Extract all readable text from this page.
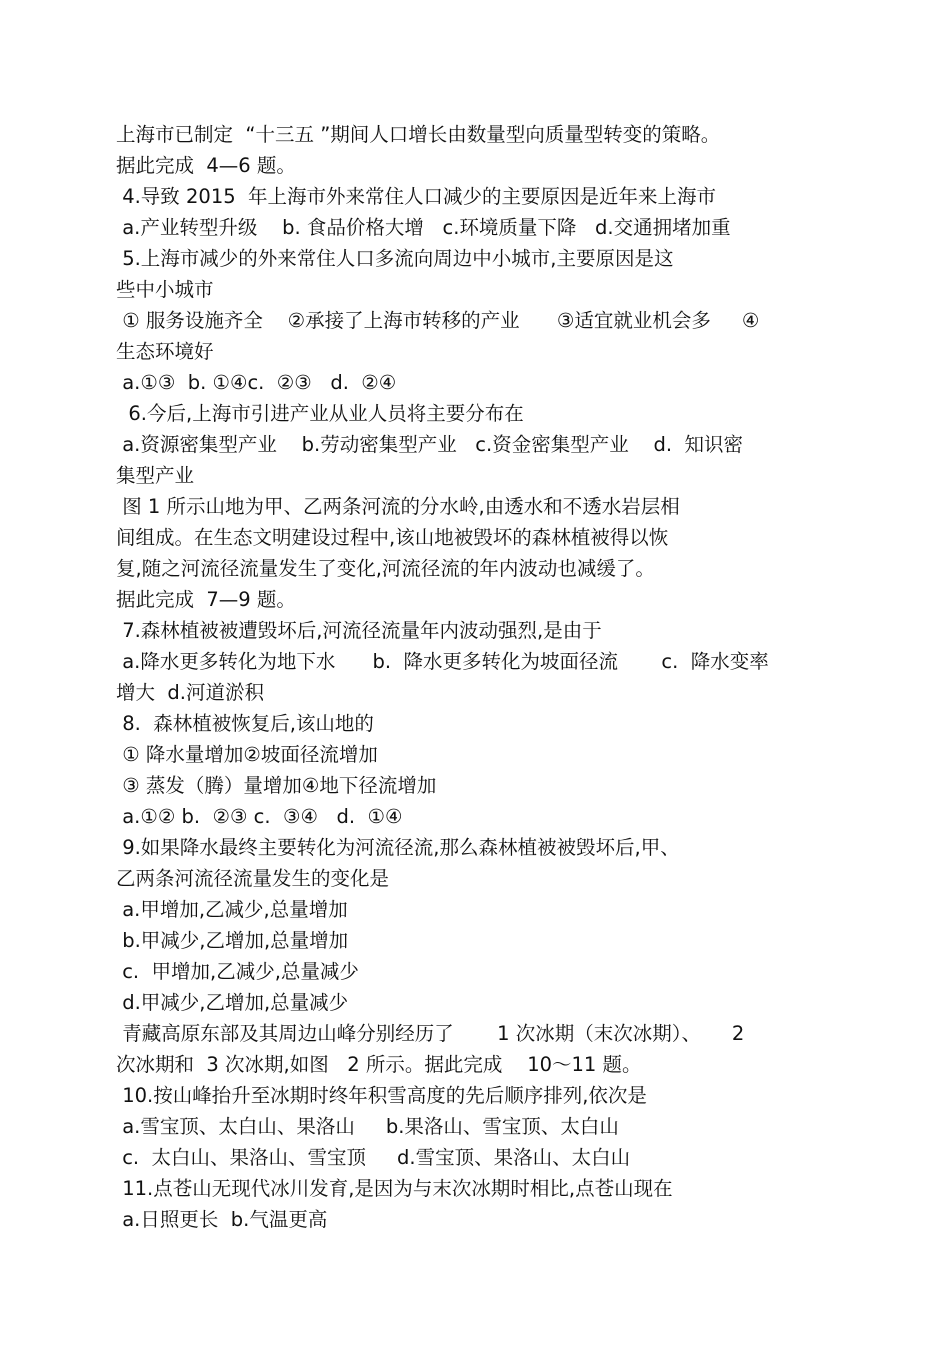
上海市已制定  “十三五 ”期间人口增长由数量型向质量型转变的策略。
据此完成  4—6 题。
4.导致 2015  年上海市外来常住人口减少的主要原因是近年来上海市
a.产业转型升级    b. 食品价格大增   c.环境质量下降   d.交通拥堵加重
5.上海市减少的外来常住人口多流向周边中小城市,主要原因是这
些中小城市
① 服务设施齐全    ②承接了上海市转移的产业      ③适宜就业机会多     ④
生态环境好
a.①③  b. ①④c.  ②③   d.  ②④
6.今后,上海市引进产业从业人员将主要分布在
a.资源密集型产业    b.劳动密集型产业   c.资金密集型产业    d.  知识密
集型产业
图 1 所示山地为甲、乙两条河流的分水岭,由透水和不透水岩层相
间组成。在生态文明建设过程中,该山地被毁坏的森林植被得以恢
复,随之河流径流量发生了变化,河流径流的年内波动也减缓了。
据此完成  7—9 题。
7.森林植被被遭毁坏后,河流径流量年内波动强烈,是由于
a.降水更多转化为地下水      b.  降水更多转化为坡面径流       c.  降水变率
增大  d.河道淤积
8.  森林植被恢复后,该山地的
① 降水量增加②坡面径流增加
③ 蒸发（腾）量增加④地下径流增加
a.①② b.  ②③ c.  ③④   d.  ①④
9.如果降水最终主要转化为河流径流,那么森林植被被毁坏后,甲、
乙两条河流径流量发生的变化是
a.甲增加,乙减少,总量增加
b.甲减少,乙增加,总量增加
c.  甲增加,乙减少,总量减少
d.甲减少,乙增加,总量减少
青藏高原东部及其周边山峰分别经历了       1 次冰期（末次冰期）、     2
次冰期和  3 次冰期,如图   2 所示。据此完成    10～11 题。
10.按山峰抬升至冰期时终年积雪高度的先后顺序排列,依次是
a.雪宝顶、太白山、果洛山     b.果洛山、雪宝顶、太白山
c.  太白山、果洛山、雪宝顶     d.雪宝顶、果洛山、太白山
11.点苍山无现代冰川发育,是因为与末次冰期时相比,点苍山现在
a.日照更长  b.气温更高
